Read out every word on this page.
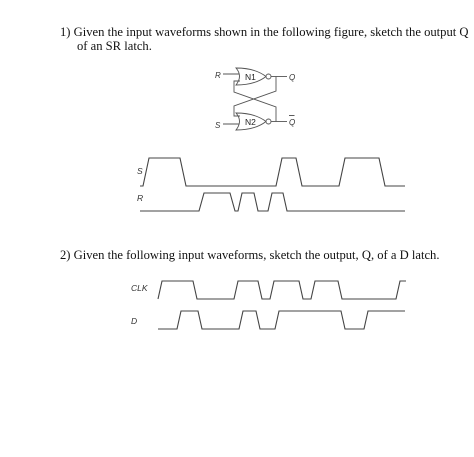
1) Given the input waveforms shown in the following figure, sketch the output Q
of an SR latch.
R
S
N1
N2
Q
Q
S
R
CLK
D
2) Given the following input waveforms, sketch the output, Q, of a D latch.
